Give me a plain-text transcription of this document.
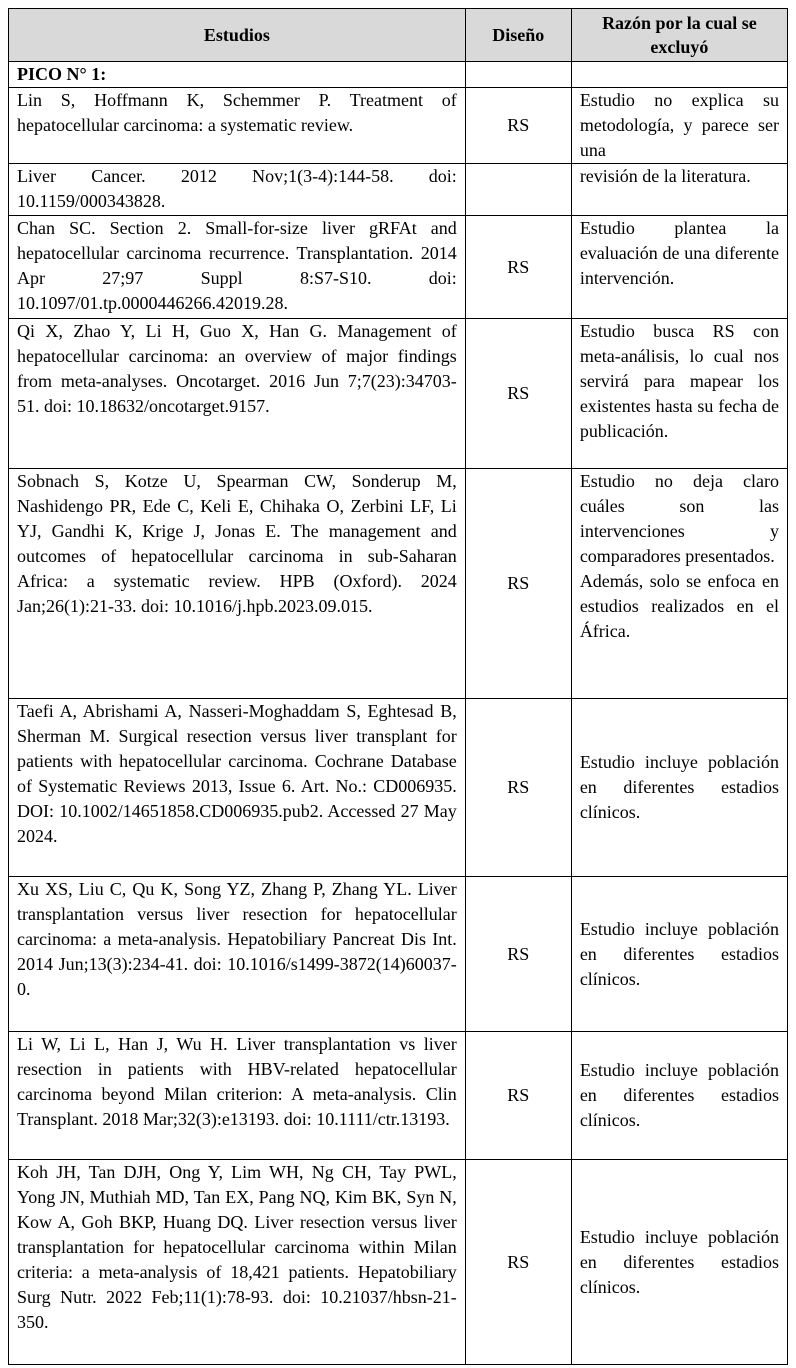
Estudios	Diseño	Razón por la cual se excluyó
PICO N° 1:		
Lin S, Hoffmann K, Schemmer P. Treatment of hepatocellular carcinoma: a systematic review.	RS	Estudio no explica su metodología, y parece ser una
Liver Cancer. 2012 Nov;1(3-4):144-58. doi: 10.1159/000343828.		revisión de la literatura.
Chan SC. Section 2. Small-for-size liver gRFAt and hepatocellular carcinoma recurrence. Transplantation. 2014 Apr 27;97 Suppl 8:S7-S10. doi: 10.1097/01.tp.0000446266.42019.28.	RS	Estudio plantea la evaluación de una diferente intervención.
Qi X, Zhao Y, Li H, Guo X, Han G. Management of hepatocellular carcinoma: an overview of major findings from meta-analyses. Oncotarget. 2016 Jun 7;7(23):34703-51. doi: 10.18632/oncotarget.9157.	RS	Estudio busca RS con meta-análisis, lo cual nos servirá para mapear los existentes hasta su fecha de publicación.
Sobnach S, Kotze U, Spearman CW, Sonderup M, Nashidengo PR, Ede C, Keli E, Chihaka O, Zerbini LF, Li YJ, Gandhi K, Krige J, Jonas E. The management and outcomes of hepatocellular carcinoma in sub-Saharan Africa: a systematic review. HPB (Oxford). 2024 Jan;26(1):21-33. doi: 10.1016/j.hpb.2023.09.015.	RS	Estudio no deja claro cuáles son las intervenciones y comparadores presentados.
Además, solo se enfoca en estudios realizados en el África.

Taefi A, Abrishami A, Nasseri-Moghaddam S, Eghtesad B, Sherman M. Surgical resection versus liver transplant for patients with hepatocellular carcinoma. Cochrane Database of Systematic Reviews 2013, Issue 6. Art. No.: CD006935. DOI: 10.1002/14651858.CD006935.pub2. Accessed 27 May 2024.	RS	Estudio incluye población en diferentes estadios clínicos.
Xu XS, Liu C, Qu K, Song YZ, Zhang P, Zhang YL. Liver transplantation versus liver resection for hepatocellular carcinoma: a meta-analysis. Hepatobiliary Pancreat Dis Int. 2014 Jun;13(3):234-41. doi: 10.1016/s1499-3872(14)60037-0.	RS	Estudio incluye población en diferentes estadios clínicos.
Li W, Li L, Han J, Wu H. Liver transplantation vs liver resection in patients with HBV-related hepatocellular carcinoma beyond Milan criterion: A meta-analysis. Clin Transplant. 2018 Mar;32(3):e13193. doi: 10.1111/ctr.13193.	RS	Estudio incluye población en diferentes estadios clínicos.
Koh JH, Tan DJH, Ong Y, Lim WH, Ng CH, Tay PWL, Yong JN, Muthiah MD, Tan EX, Pang NQ, Kim BK, Syn N, Kow A, Goh BKP, Huang DQ. Liver resection versus liver transplantation for hepatocellular carcinoma within Milan criteria: a meta-analysis of 18,421 patients. Hepatobiliary Surg Nutr. 2022 Feb;11(1):78-93. doi: 10.21037/hbsn-21-350.	RS	Estudio incluye población en diferentes estadios clínicos.
